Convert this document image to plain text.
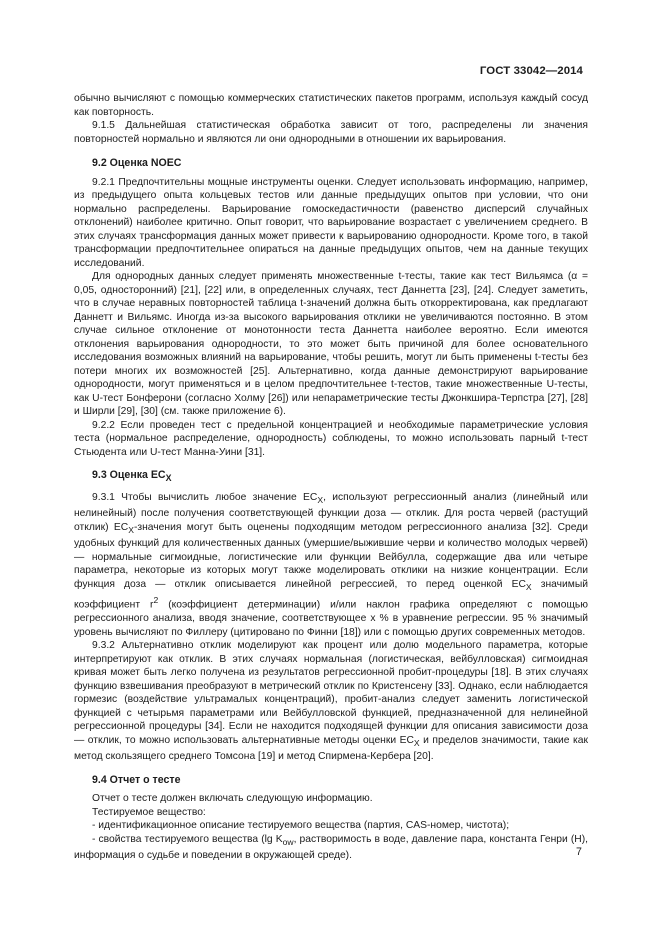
ГОСТ 33042—2014

обычно вычисляют с помощью коммерческих статистических пакетов программ, используя каждый сосуд как повторность.

9.1.5 Дальнейшая статистическая обработка зависит от того, распределены ли значения повторностей нормально и являются ли они однородными в отношении их варьирования.

9.2 Оценка NOEC

9.2.1 Предпочтительны мощные инструменты оценки. Следует использовать информацию, например, из предыдущего опыта кольцевых тестов или данные предыдущих опытов при условии, что они нормально распределены. Варьирование гомоскедастичности (равенство дисперсий случайных отклонений) наиболее критично. Опыт говорит, что варьирование возрастает с увеличением среднего. В этих случаях трансформация данных может привести к варьированию однородности. Кроме того, в такой трансформации предпочтительнее опираться на данные предыдущих опытов, чем на данные текущих исследований.

Для однородных данных следует применять множественные t-тесты, такие как тест Вильямса (α = 0,05, односторонний) [21], [22] или, в определенных случаях, тест Даннетта [23], [24]. Следует заметить, что в случае неравных повторностей таблица t-значений должна быть откорректирована, как предлагают Даннетт и Вильямс. Иногда из-за высокого варьирования отклики не увеличиваются постоянно. В этом случае сильное отклонение от монотонности теста Даннетта наиболее вероятно. Если имеются отклонения варьирования однородности, то это может быть причиной для более основательного исследования возможных влияний на варьирование, чтобы решить, могут ли быть применены t-тесты без потери многих их возможностей [25]. Альтернативно, когда данные демонстрируют варьирование однородности, могут применяться и в целом предпочтительнее t-тестов, такие множественные U-тесты, как U-тест Бонферони (согласно Холму [26]) или непараметрические тесты Джонкшира-Терпстра [27], [28] и Ширли [29], [30] (см. также приложение 6).

9.2.2 Если проведен тест с предельной концентрацией и необходимые параметрические условия теста (нормальное распределение, однородность) соблюдены, то можно использовать парный t-тест Стьюдента или U-тест Манна-Уини [31].

9.3 Оценка $EC_X$

9.3.1 Чтобы вычислить любое значение $EC_X$, используют регрессионный анализ (линейный или нелинейный) после получения соответствующей функции доза — отклик. Для роста червей (растущий отклик) $EC_X$-значения могут быть оценены подходящим методом регрессионного анализа [32]. Среди удобных функций для количественных данных (умершие/выжившие черви и количество молодых червей) — нормальные сигмоидные, логистические или функции Вейбулла, содержащие два или четыре параметра, некоторые из которых могут также моделировать отклики на низкие концентрации. Если функция доза — отклик описывается линейной регрессией, то перед оценкой $EC_X$ значимый коэффициент $r^2$ (коэффициент детерминации) и/или наклон графика определяют с помощью регрессионного анализа, вводя значение, соответствующее x % в уравнение регрессии. 95 % значимый уровень вычисляют по Филлеру (цитировано по Финни [18]) или с помощью других современных методов.

9.3.2 Альтернативно отклик моделируют как процент или долю модельного параметра, которые интерпретируют как отклик. В этих случаях нормальная (логистическая, вейбулловская) сигмоидная кривая может быть легко получена из результатов регрессионной пробит-процедуры [18]. В этих случаях функцию взвешивания преобразуют в метрический отклик по Кристенсену [33]. Однако, если наблюдается гормезис (воздействие ультрамалых концентраций), пробит-анализ следует заменить логистической функцией с четырьмя параметрами или Вейбулловской функцией, предназначенной для нелинейной регрессионной процедуры [34]. Если не находится подходящей функции для описания зависимости доза — отклик, то можно использовать альтернативные методы оценки $EC_X$ и пределов значимости, такие как метод скользящего среднего Томсона [19] и метод Спирмена-Кербера [20].

9.4 Отчет о тесте

Отчет о тесте должен включать следующую информацию.

Тестируемое вещество:

- идентификационное описание тестируемого вещества (партия, CAS-номер, чистота);

- свойства тестируемого вещества (lg $K_{ow}$, растворимость в воде, давление пара, константа Генри (H), информация о судьбе и поведении в окружающей среде).	7
